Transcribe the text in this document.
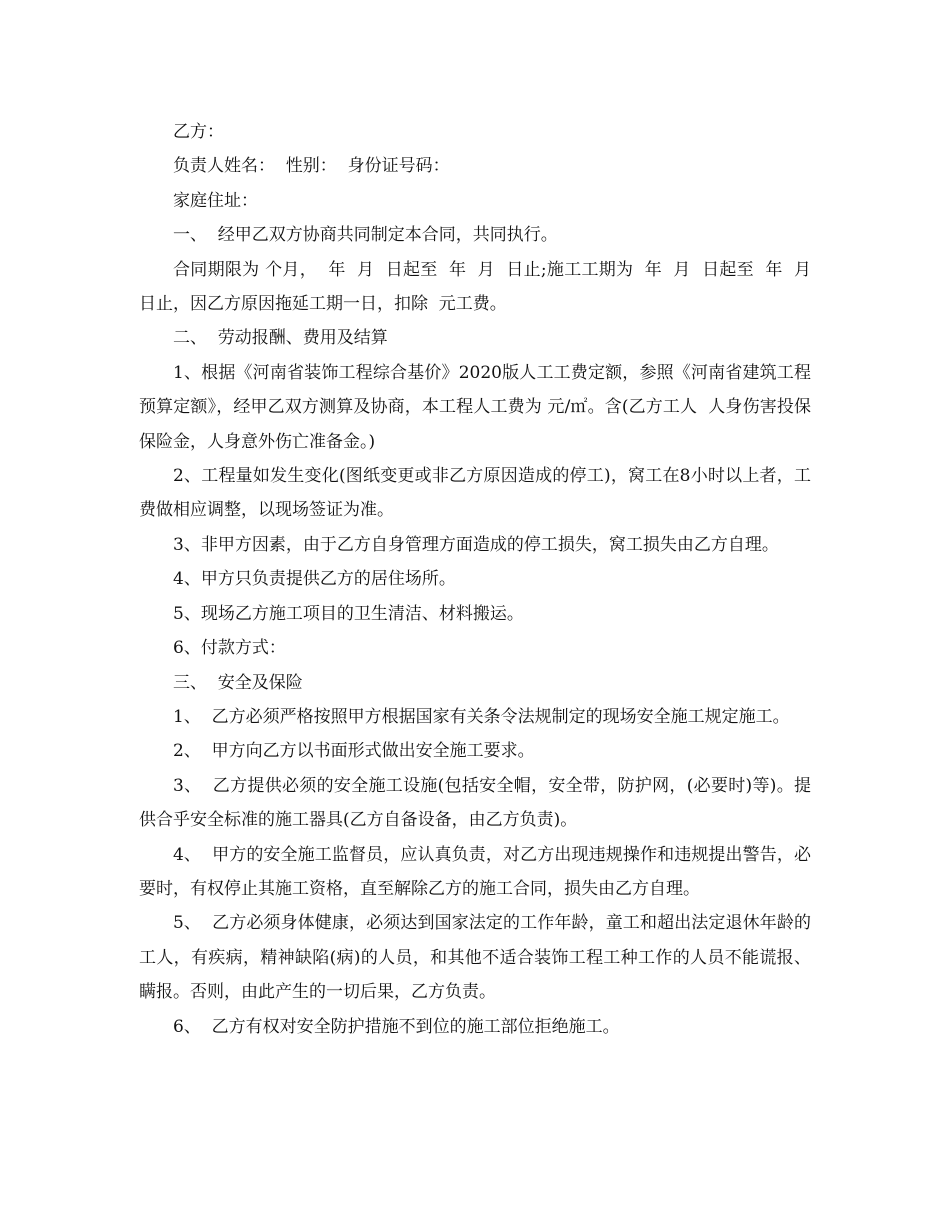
乙方：

负责人姓名：  性别：  身份证号码：

家庭住址：

一、  经甲乙双方协商共同制定本合同，共同执行。

合同期限为 个月，  年  月  日起至  年  月  日止;施工工期为  年  月  日起至  年  月  日止，因乙方原因拖延工期一日，扣除  元工费。

二、  劳动报酬、费用及结算

1、根据《河南省装饰工程综合基价》2020版人工工费定额，参照《河南省建筑工程预算定额》，经甲乙双方测算及协商，本工程人工费为 元/㎡。含(乙方工人  人身伤害投保保险金，人身意外伤亡准备金。)

2、工程量如发生变化(图纸变更或非乙方原因造成的停工)，窝工在8小时以上者，工费做相应调整，以现场签证为准。

3、非甲方因素，由于乙方自身管理方面造成的停工损失，窝工损失由乙方自理。

4、甲方只负责提供乙方的居住场所。

5、现场乙方施工项目的卫生清洁、材料搬运。

6、付款方式：

三、  安全及保险

1、  乙方必须严格按照甲方根据国家有关条令法规制定的现场安全施工规定施工。

2、  甲方向乙方以书面形式做出安全施工要求。

3、  乙方提供必须的安全施工设施(包括安全帽，安全带，防护网，(必要时)等)。提供合乎安全标准的施工器具(乙方自备设备，由乙方负责)。

4、  甲方的安全施工监督员，应认真负责，对乙方出现违规操作和违规提出警告，必要时，有权停止其施工资格，直至解除乙方的施工合同，损失由乙方自理。

5、  乙方必须身体健康，必须达到国家法定的工作年龄，童工和超出法定退休年龄的工人，有疾病，精神缺陷(病)的人员，和其他不适合装饰工程工种工作的人员不能谎报、瞒报。否则，由此产生的一切后果，乙方负责。

6、  乙方有权对安全防护措施不到位的施工部位拒绝施工。
